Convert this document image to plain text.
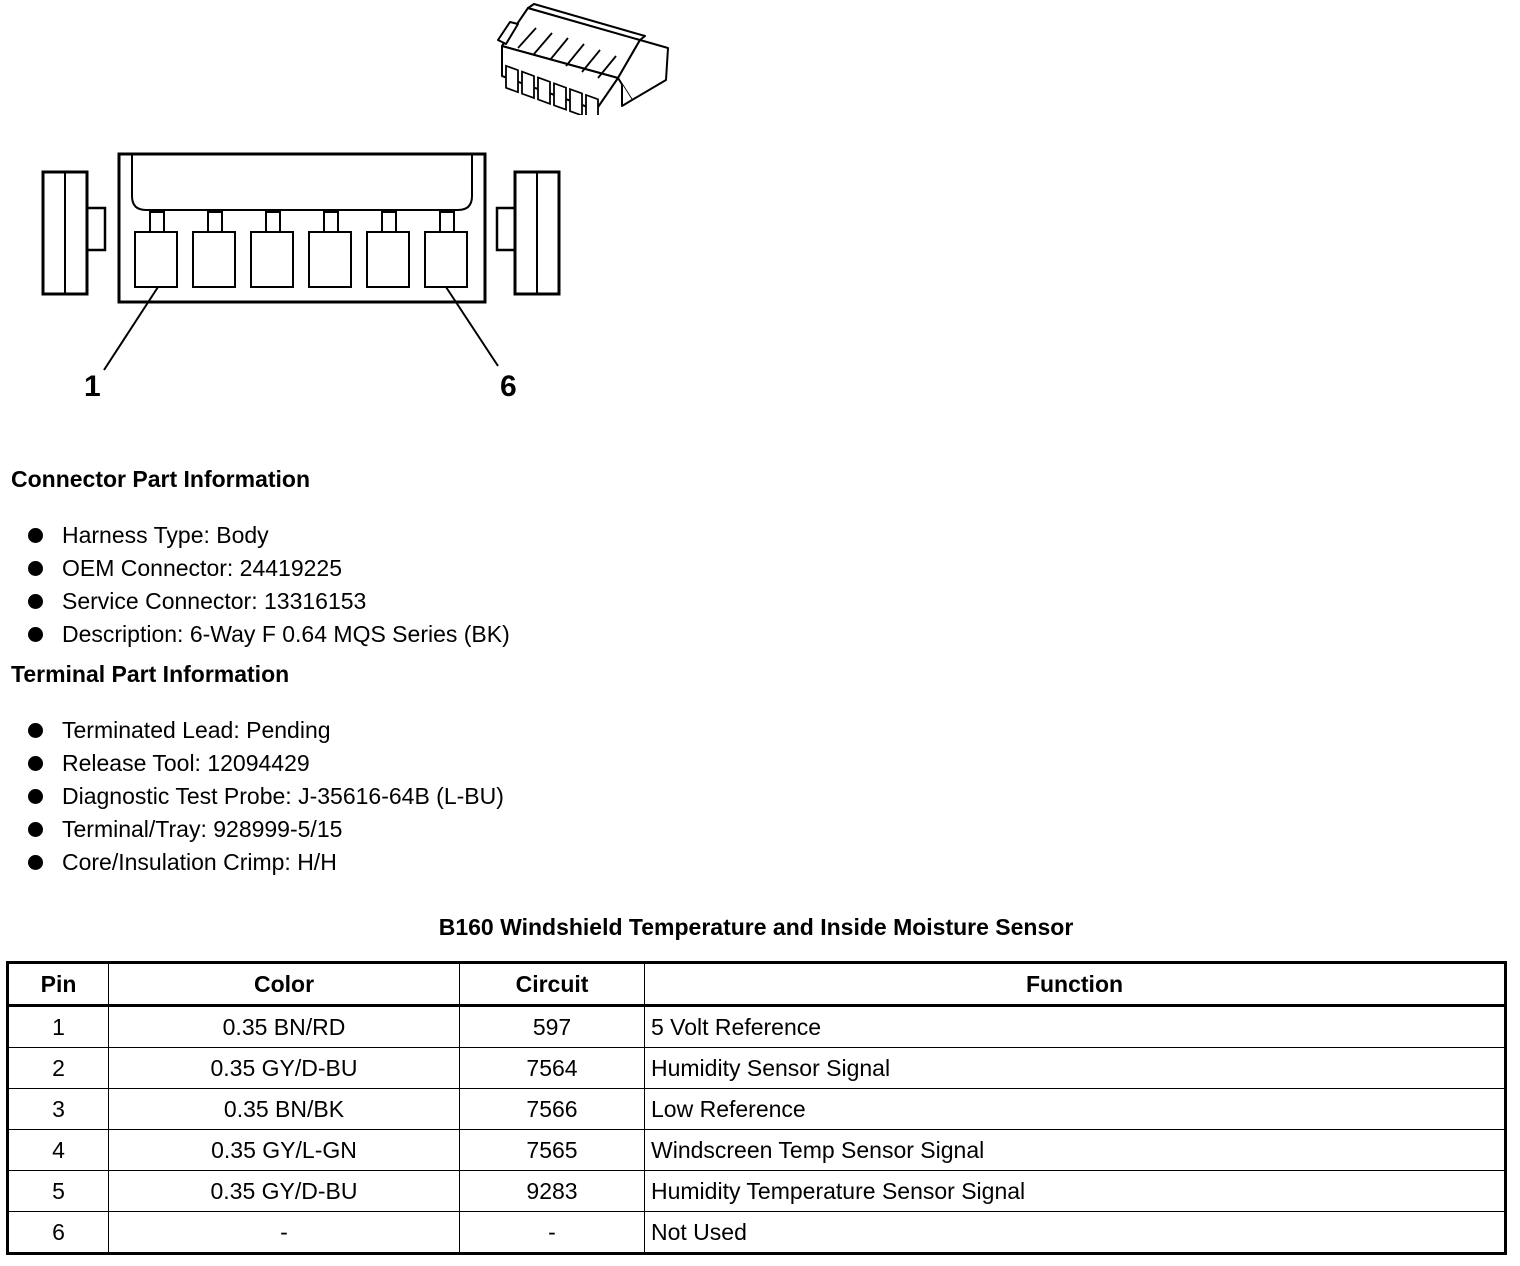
1	6
Connector Part Information
Harness Type: Body
OEM Connector: 24419225
Service Connector: 13316153
Description: 6-Way F 0.64 MQS Series (BK)
Terminal Part Information
Terminated Lead: Pending
Release Tool: 12094429
Diagnostic Test Probe: J-35616-64B (L-BU)
Terminal/Tray: 928999-5/15
Core/Insulation Crimp: H/H
B160 Windshield Temperature and Inside Moisture Sensor
Pin	Color	Circuit	Function
1	0.35 BN/RD	597	5 Volt Reference
2	0.35 GY/D-BU	7564	Humidity Sensor Signal
3	0.35 BN/BK	7566	Low Reference
4	0.35 GY/L-GN	7565	Windscreen Temp Sensor Signal
5	0.35 GY/D-BU	9283	Humidity Temperature Sensor Signal
6	-	-	Not Used
